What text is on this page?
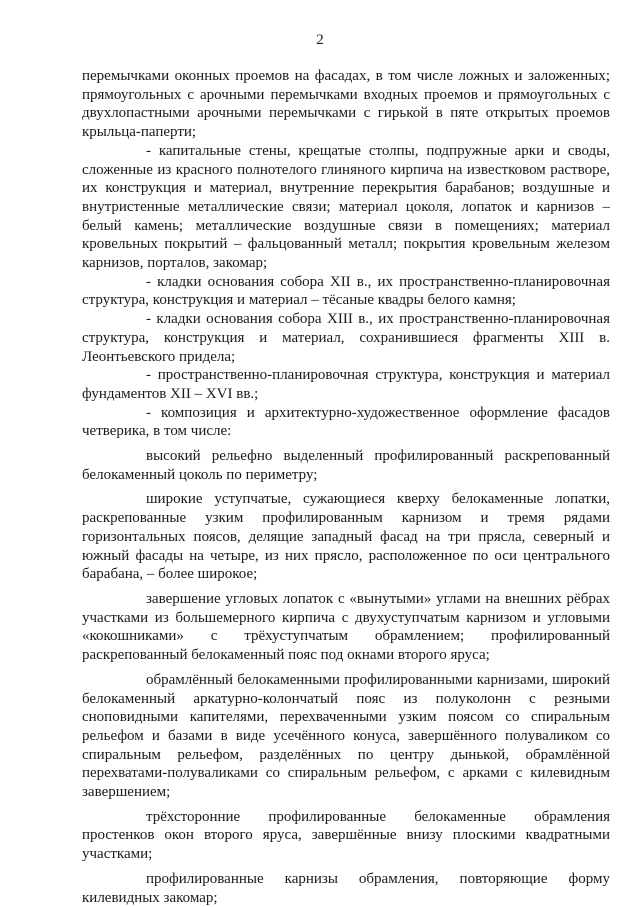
2

перемычками оконных проемов на фасадах, в том числе ложных и заложенных; прямоугольных с арочными перемычками входных проемов и прямоугольных с двухлопастными арочными перемычками с гирькой в пяте открытых проемов крыльца-паперти;

- капитальные стены, крещатые столпы, подпружные арки и своды, сложенные из красного полнотелого глиняного кирпича на известковом растворе, их конструкция и материал, внутренние перекрытия барабанов; воздушные и внутристенные металлические связи; материал цоколя, лопаток и карнизов – белый камень; металлические воздушные связи в помещениях; материал кровельных покрытий – фальцованный металл; покрытия кровельным железом карнизов, порталов, закомар;

- кладки основания собора XII в., их пространственно-планировочная структура, конструкция и материал – тёсаные квадры белого камня;

- кладки основания собора XIII в., их пространственно-планировочная структура, конструкция и материал, сохранившиеся фрагменты XIII в. Леонтьевского придела;

- пространственно-планировочная структура, конструкция и материал фундаментов XII – XVI вв.;

- композиция и архитектурно-художественное оформление фасадов четверика, в том числе:

высокий рельефно выделенный профилированный раскрепованный белокаменный цоколь по периметру;

широкие уступчатые, сужающиеся кверху белокаменные лопатки, раскрепованные узким профилированным карнизом и тремя рядами горизонтальных поясов, делящие западный фасад на три прясла, северный и южный фасады на четыре, из них прясло, расположенное по оси центрального барабана, – более широкое;

завершение угловых лопаток с «вынутыми» углами на внешних рёбрах участками из большемерного кирпича с двухуступчатым карнизом и угловыми «кокошниками» с трёхуступчатым обрамлением; профилированный раскрепованный белокаменный пояс под окнами второго яруса;

обрамлённый белокаменными профилированными карнизами, широкий белокаменный аркатурно-колончатый пояс из полуколонн с резными сноповидными капителями, перехваченными узким поясом со спиральным рельефом и базами в виде усечённого конуса, завершённого полуваликом со спиральным рельефом, разделённых по центру дынькой, обрамлённой перехватами-полуваликами со спиральным рельефом, с арками с килевидным завершением;

трёхсторонние профилированные белокаменные обрамления простенков окон второго яруса, завершённые внизу плоскими квадратными участками;

профилированные карнизы обрамления, повторяющие форму килевидных закомар;
